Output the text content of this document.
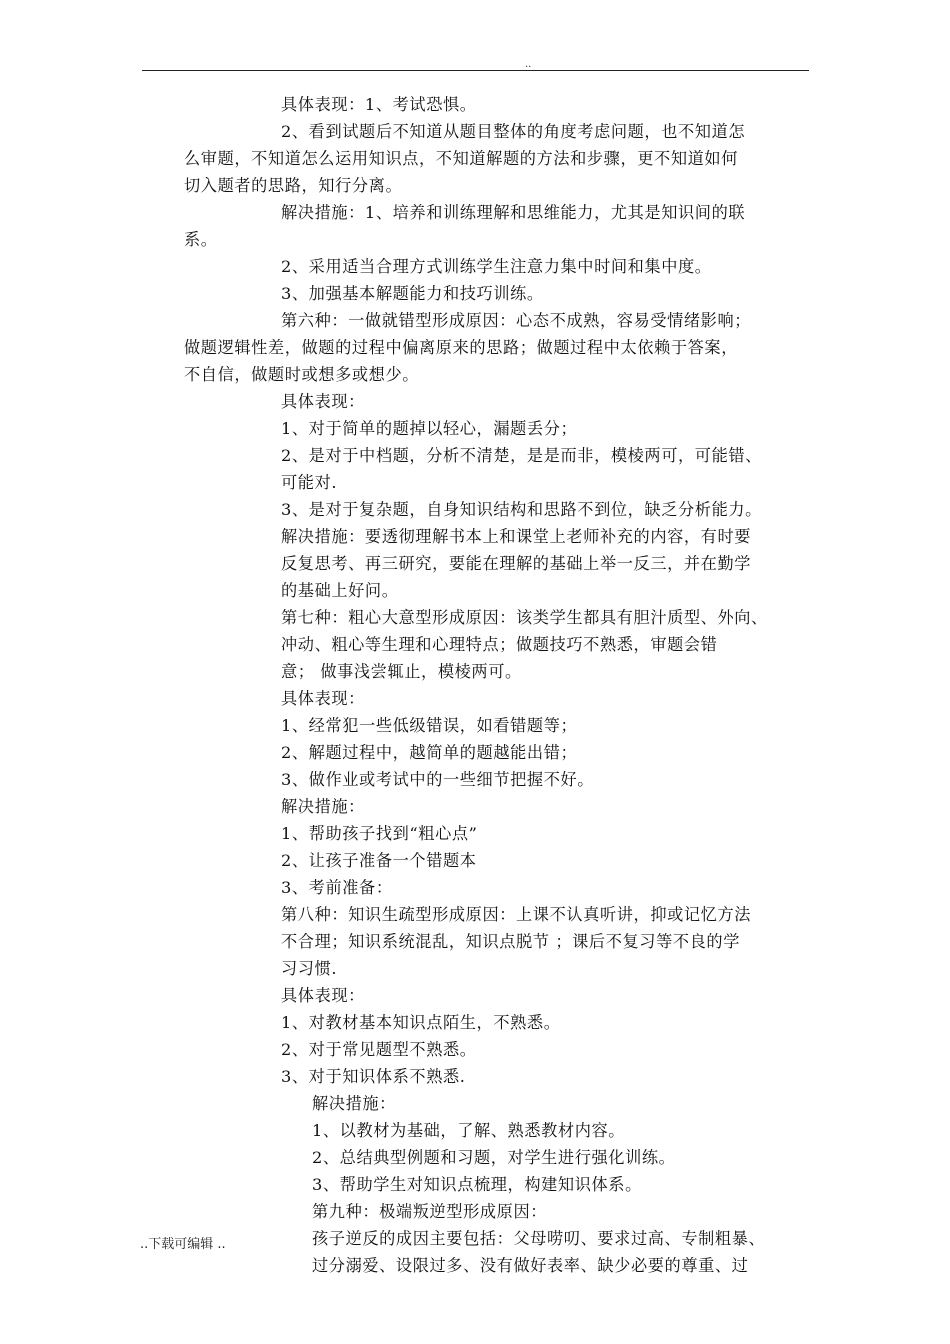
..
具体表现：1、考试恐惧。
2、看到试题后不知道从题目整体的角度考虑问题，也不知道怎
么审题，不知道怎么运用知识点，不知道解题的方法和步骤，更不知道如何
切入题者的思路，知行分离。
解决措施：1、培养和训练理解和思维能力，尤其是知识间的联
系。
2、采用适当合理方式训练学生注意力集中时间和集中度。
3、加强基本解题能力和技巧训练。
第六种：一做就错型形成原因：心态不成熟，容易受情绪影响；
做题逻辑性差，做题的过程中偏离原来的思路；做题过程中太依赖于答案，
不自信，做题时或想多或想少。
具体表现：
1、对于简单的题掉以轻心，漏题丢分；
2、是对于中档题，分析不清楚，是是而非，模棱两可，可能错、
可能对.
3、是对于复杂题，自身知识结构和思路不到位，缺乏分析能力。
解决措施：要透彻理解书本上和课堂上老师补充的内容，有时要
反复思考、再三研究，要能在理解的基础上举一反三，并在勤学
的基础上好问。
第七种：粗心大意型形成原因：该类学生都具有胆汁质型、外向、
冲动、粗心等生理和心理特点；做题技巧不熟悉，审题会错
意； 做事浅尝辄止，模棱两可。
具体表现：
1、经常犯一些低级错误，如看错题等；
2、解题过程中，越简单的题越能出错；
3、做作业或考试中的一些细节把握不好。
解决措施：
1、帮助孩子找到“粗心点”
2、让孩子准备一个错题本
3、考前准备：
第八种：知识生疏型形成原因：上课不认真听讲，抑或记忆方法
不合理；知识系统混乱，知识点脱节 ；课后不复习等不良的学
习习惯.
具体表现：
1、对教材基本知识点陌生，不熟悉。
2、对于常见题型不熟悉。
3、对于知识体系不熟悉.
解决措施：
1、以教材为基础，了解、熟悉教材内容。
2、总结典型例题和习题，对学生进行强化训练。
3、帮助学生对知识点梳理，构建知识体系。
第九种：极端叛逆型形成原因：
孩子逆反的成因主要包括：父母唠叨、要求过高、专制粗暴、
过分溺爱、设限过多、没有做好表率、缺少必要的尊重、过
..下载可编辑 ..
